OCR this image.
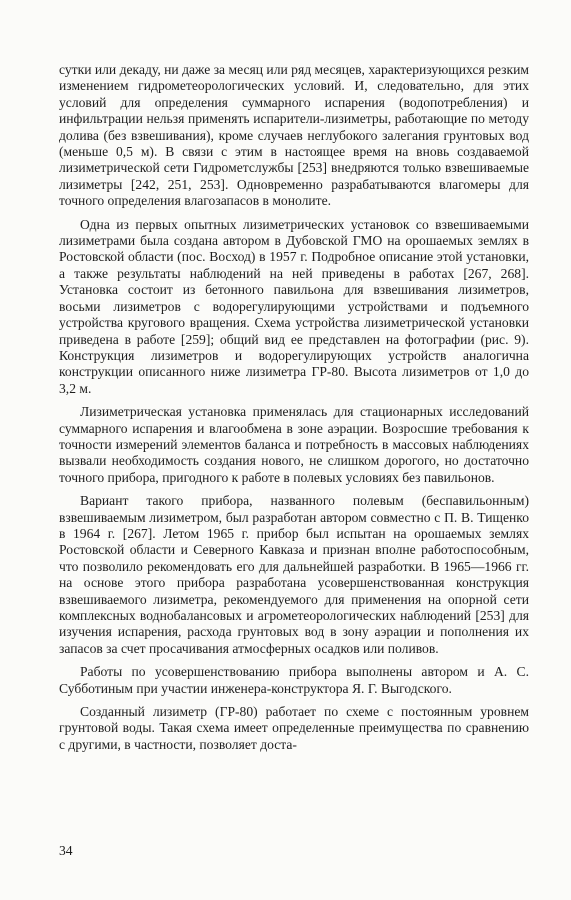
сутки или декаду, ни даже за месяц или ряд месяцев, характеризующихся резким изменением гидрометеорологических условий. И, следовательно, для этих условий для определения суммарного испарения (водопотребления) и инфильтрации нельзя применять испарители-лизиметры, работающие по методу долива (без взвешивания), кроме случаев неглубокого залегания грунтовых вод (меньше 0,5 м). В связи с этим в настоящее время на вновь создаваемой лизиметрической сети Гидрометслужбы [253] внедряются только взвешиваемые лизиметры [242, 251, 253]. Одновременно разрабатываются влагомеры для точного определения влагозапасов в монолите.

Одна из первых опытных лизиметрических установок со взвешиваемыми лизиметрами была создана автором в Дубовской ГМО на орошаемых землях в Ростовской области (пос. Восход) в 1957 г. Подробное описание этой установки, а также результаты наблюдений на ней приведены в работах [267, 268]. Установка состоит из бетонного павильона для взвешивания лизиметров, восьми лизиметров с водорегулирующими устройствами и подъемного устройства кругового вращения. Схема устройства лизиметрической установки приведена в работе [259]; общий вид ее представлен на фотографии (рис. 9). Конструкция лизиметров и водорегулирующих устройств аналогична конструкции описанного ниже лизиметра ГР-80. Высота лизиметров от 1,0 до 3,2 м.

Лизиметрическая установка применялась для стационарных исследований суммарного испарения и влагообмена в зоне аэрации. Возросшие требования к точности измерений элементов баланса и потребность в массовых наблюдениях вызвали необходимость создания нового, не слишком дорогого, но достаточно точного прибора, пригодного к работе в полевых условиях без павильонов.

Вариант такого прибора, названного полевым (беспавильонным) взвешиваемым лизиметром, был разработан автором совместно с П. В. Тищенко в 1964 г. [267]. Летом 1965 г. прибор был испытан на орошаемых землях Ростовской области и Северного Кавказа и признан вполне работоспособным, что позволило рекомендовать его для дальнейшей разработки. В 1965—1966 гг. на основе этого прибора разработана усовершенствованная конструкция взвешиваемого лизиметра, рекомендуемого для применения на опорной сети комплексных воднобалансовых и агрометеорологических наблюдений [253] для изучения испарения, расхода грунтовых вод в зону аэрации и пополнения их запасов за счет просачивания атмосферных осадков или поливов.

Работы по усовершенствованию прибора выполнены автором и А. С. Субботиным при участии инженера-конструктора Я. Г. Выгодского.

Созданный лизиметр (ГР-80) работает по схеме с постоянным уровнем грунтовой воды. Такая схема имеет определенные преимущества по сравнению с другими, в частности, позволяет доста-

34
